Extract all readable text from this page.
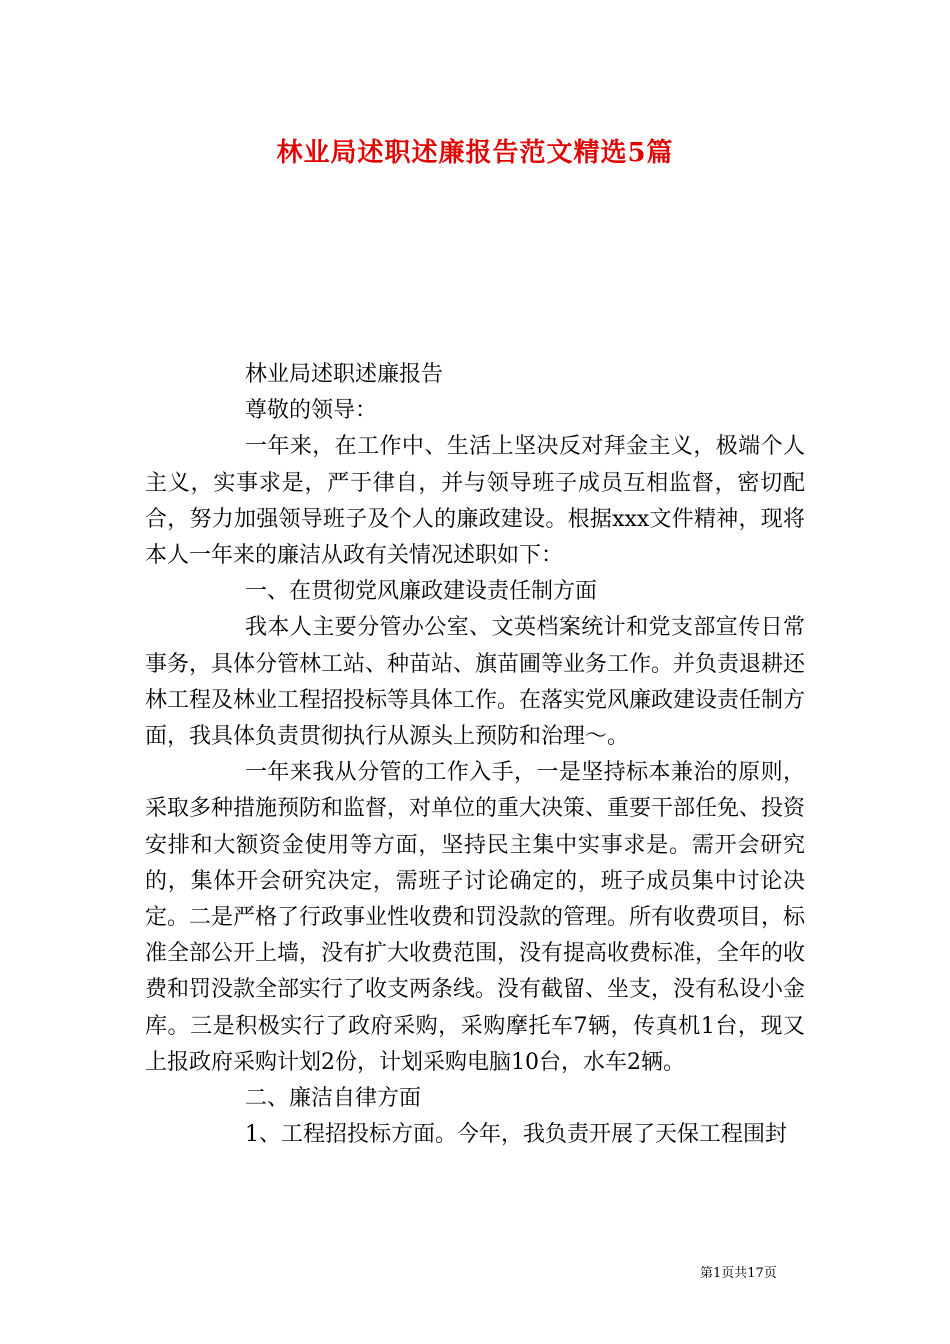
林业局述职述廉报告范文精选5篇

林业局述职述廉报告

尊敬的领导：

一年来，在工作中、生活上坚决反对拜金主义，极端个人主义，实事求是，严于律自，并与领导班子成员互相监督，密切配合，努力加强领导班子及个人的廉政建设。根据xxx文件精神，现将本人一年来的廉洁从政有关情况述职如下：

一、在贯彻党风廉政建设责任制方面

我本人主要分管办公室、文英档案统计和党支部宣传日常事务，具体分管林工站、种苗站、旗苗圃等业务工作。并负责退耕还林工程及林业工程招投标等具体工作。在落实党风廉政建设责任制方面，我具体负责贯彻执行从源头上预防和治理～。

一年来我从分管的工作入手，一是坚持标本兼治的原则，采取多种措施预防和监督，对单位的重大决策、重要干部任免、投资安排和大额资金使用等方面，坚持民主集中实事求是。需开会研究的，集体开会研究决定，需班子讨论确定的，班子成员集中讨论决定。二是严格了行政事业性收费和罚没款的管理。所有收费项目，标准全部公开上墙，没有扩大收费范围，没有提高收费标准，全年的收费和罚没款全部实行了收支两条线。没有截留、坐支，没有私设小金库。三是积极实行了政府采购，采购摩托车7辆，传真机1台，现又上报政府采购计划2份，计划采购电脑10台，水车2辆。

二、廉洁自律方面

1、工程招投标方面。今年，我负责开展了天保工程围封

第1页共17页
